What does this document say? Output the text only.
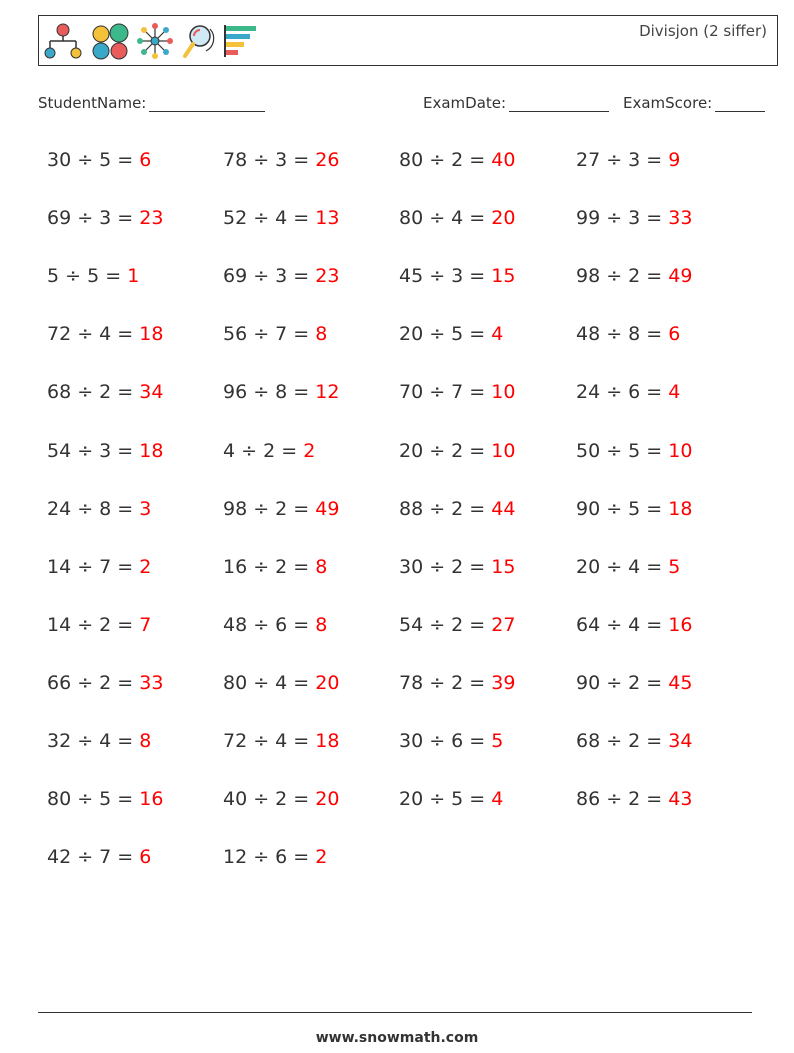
Divisjon (2 siffer)
StudentName:	ExamDate:	ExamScore:
30 ÷ 5 = 6	78 ÷ 3 = 26	80 ÷ 2 = 40	27 ÷ 3 = 9
69 ÷ 3 = 23	52 ÷ 4 = 13	80 ÷ 4 = 20	99 ÷ 3 = 33
5 ÷ 5 = 1	69 ÷ 3 = 23	45 ÷ 3 = 15	98 ÷ 2 = 49
72 ÷ 4 = 18	56 ÷ 7 = 8	20 ÷ 5 = 4	48 ÷ 8 = 6
68 ÷ 2 = 34	96 ÷ 8 = 12	70 ÷ 7 = 10	24 ÷ 6 = 4
54 ÷ 3 = 18	4 ÷ 2 = 2	20 ÷ 2 = 10	50 ÷ 5 = 10
24 ÷ 8 = 3	98 ÷ 2 = 49	88 ÷ 2 = 44	90 ÷ 5 = 18
14 ÷ 7 = 2	16 ÷ 2 = 8	30 ÷ 2 = 15	20 ÷ 4 = 5
14 ÷ 2 = 7	48 ÷ 6 = 8	54 ÷ 2 = 27	64 ÷ 4 = 16
66 ÷ 2 = 33	80 ÷ 4 = 20	78 ÷ 2 = 39	90 ÷ 2 = 45
32 ÷ 4 = 8	72 ÷ 4 = 18	30 ÷ 6 = 5	68 ÷ 2 = 34
80 ÷ 5 = 16	40 ÷ 2 = 20	20 ÷ 5 = 4	86 ÷ 2 = 43
42 ÷ 7 = 6	12 ÷ 6 = 2
www.snowmath.com
